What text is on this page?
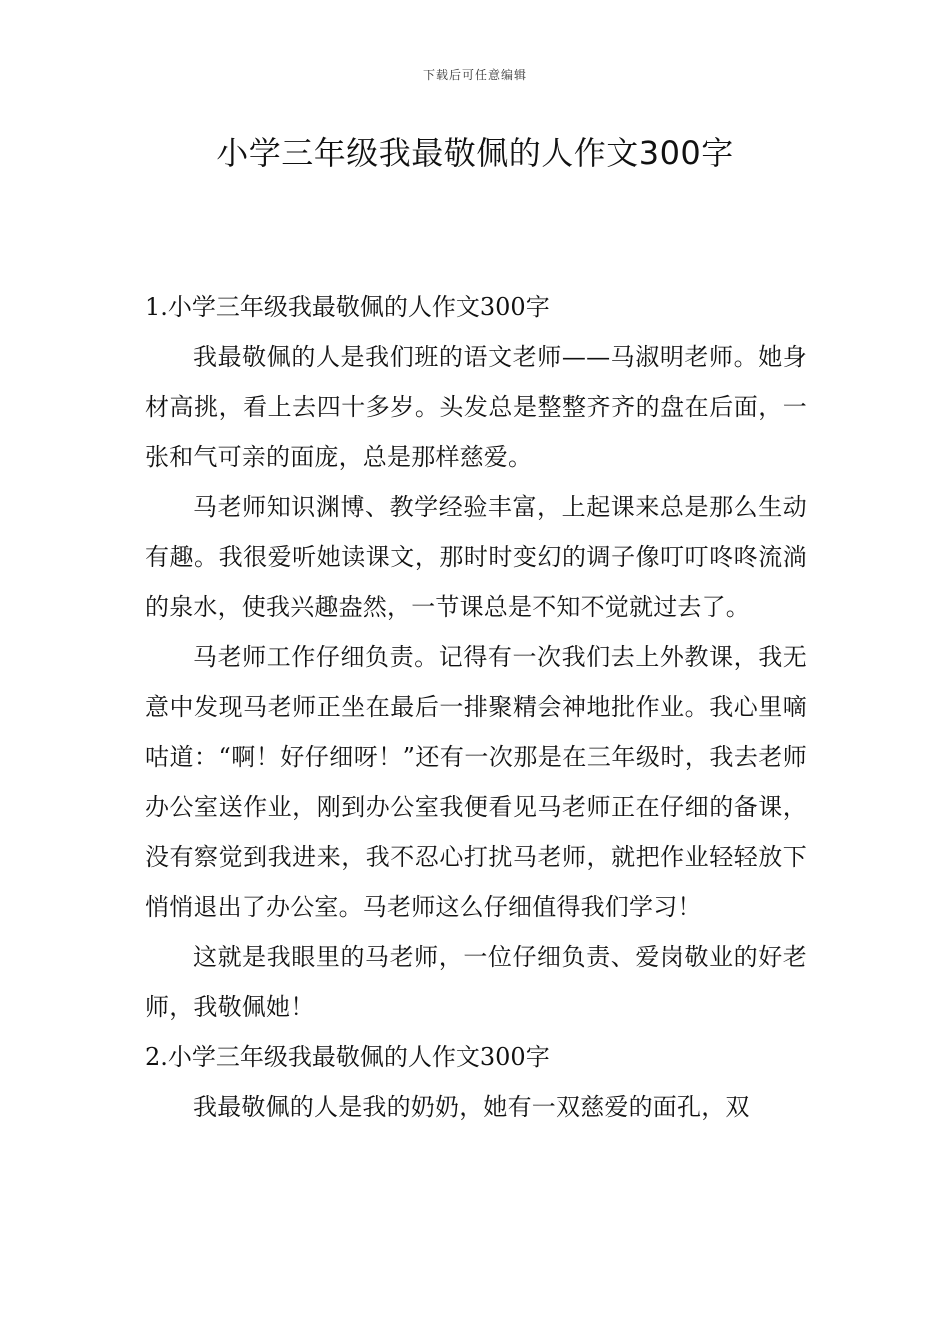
下载后可任意编辑
小学三年级我最敬佩的人作文300字

1.小学三年级我最敬佩的人作文300字

我最敬佩的人是我们班的语文老师——马淑明老师。她身材高挑，看上去四十多岁。头发总是整整齐齐的盘在后面，一张和气可亲的面庞，总是那样慈爱。

马老师知识渊博、教学经验丰富，上起课来总是那么生动有趣。我很爱听她读课文，那时时变幻的调子像叮叮咚咚流淌的泉水，使我兴趣盎然，一节课总是不知不觉就过去了。

马老师工作仔细负责。记得有一次我们去上外教课，我无意中发现马老师正坐在最后一排聚精会神地批作业。我心里嘀咕道：“啊！好仔细呀！”还有一次那是在三年级时，我去老师办公室送作业，刚到办公室我便看见马老师正在仔细的备课，没有察觉到我进来，我不忍心打扰马老师，就把作业轻轻放下悄悄退出了办公室。马老师这么仔细值得我们学习！

这就是我眼里的马老师，一位仔细负责、爱岗敬业的好老师，我敬佩她！

2.小学三年级我最敬佩的人作文300字

我最敬佩的人是我的奶奶，她有一双慈爱的面孔，双
